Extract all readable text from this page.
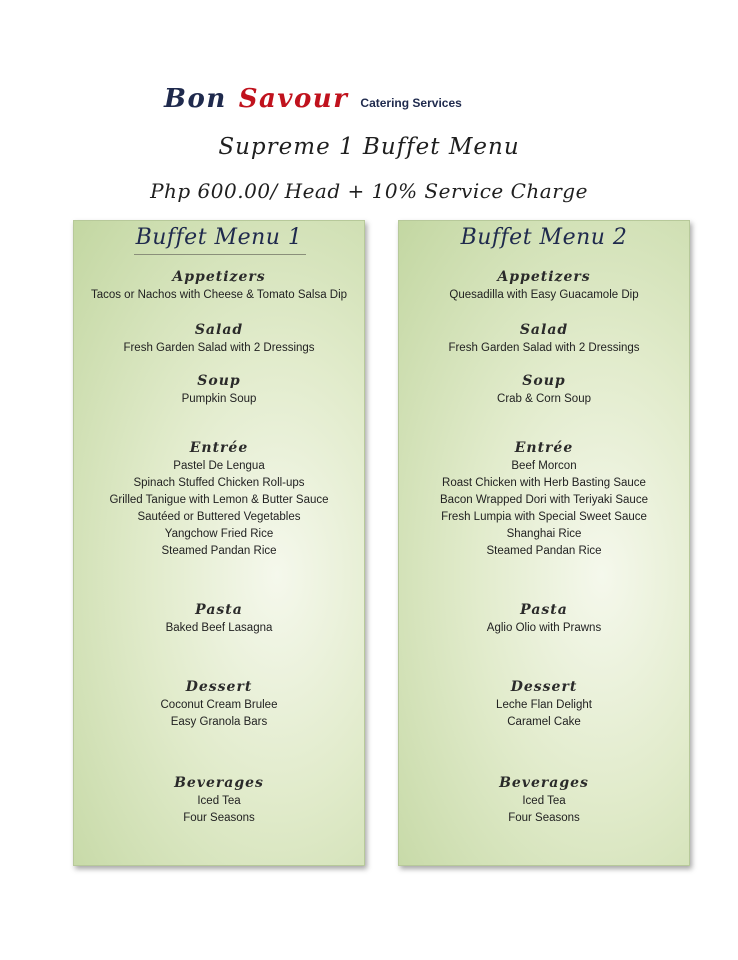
Bon Savour Catering Services
Supreme 1 Buffet Menu
Php 600.00/ Head + 10% Service Charge
Buffet Menu 1
Appetizers
Tacos or Nachos with Cheese & Tomato Salsa Dip
Salad
Fresh Garden Salad with 2 Dressings
Soup
Pumpkin Soup
Entrée
Pastel De Lengua
Spinach Stuffed Chicken Roll-ups
Grilled Tanigue with Lemon & Butter Sauce
Sautéed or Buttered Vegetables
Yangchow Fried Rice
Steamed Pandan Rice
Pasta
Baked Beef Lasagna
Dessert
Coconut Cream Brulee
Easy Granola Bars
Beverages
Iced Tea
Four Seasons
Buffet Menu 2
Appetizers
Quesadilla with Easy Guacamole Dip
Salad
Fresh Garden Salad with 2 Dressings
Soup
Crab & Corn Soup
Entrée
Beef Morcon
Roast Chicken with Herb Basting Sauce
Bacon Wrapped Dori with Teriyaki Sauce
Fresh Lumpia with Special Sweet Sauce
Shanghai Rice
Steamed Pandan Rice
Pasta
Aglio Olio with Prawns
Dessert
Leche Flan Delight
Caramel Cake
Beverages
Iced Tea
Four Seasons
